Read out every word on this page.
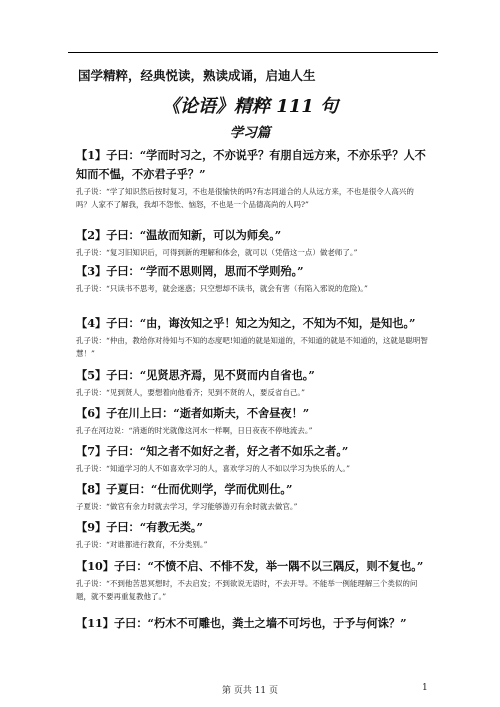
国学精粹，经典悦读，熟读成诵，启迪人生
《论语》精粹 111 句
学习篇

【1】子曰：“学而时习之，不亦说乎？有朋自远方来，不亦乐乎？人不知而不愠，不亦君子乎？”

孔子说：“学了知识然后按时复习，不也是很愉快的吗?有志同道合的人从远方来，不也是很令人高兴的吗？人家不了解我，我却不怨怅、恼怒，不也是一个品德高尚的人吗?”

【2】子曰：“温故而知新，可以为师矣。”

孔子说：“复习旧知识后，可得到新的理解和体会，就可以（凭借这一点）做老师了。”

【3】子曰：“学而不思则罔，思而不学则殆。”

孔子说：“只读书不思考，就会迷惑；只空想却不读书，就会有害（有陷入邪说的危险)。”

【4】子曰：“由，诲汝知之乎！知之为知之，不知为不知，是知也。”

孔子说：“仲由，教给你对待知与不知的态度吧!知道的就是知道的，不知道的就是不知道的，这就是聪明智慧！”

【5】子曰：“见贤思齐焉，见不贤而内自省也。”

孔子说：“见到贤人，要想着向他看齐；见到不贤的人，要反省自己。”

【6】子在川上曰：“逝者如斯夫，不舍昼夜！”

孔子在河边说：“消逝的时光就像这河水一样啊，日日夜夜不停地流去。”

【7】子曰：“知之者不如好之者，好之者不如乐之者。”

孔子说：“知道学习的人不如喜欢学习的人，喜欢学习的人不如以学习为快乐的人。”

【8】子夏曰：“仕而优则学，学而优则仕。”

子夏说：“做官有余力时就去学习，学习能够游刃有余时就去做官。”

【9】子曰：“有教无类。”

孔子说：“对谁都进行教育，不分类别。”

【10】子曰：“不愤不启、不悱不发，举一隅不以三隅反，则不复也。”

孔子说：“不到他苦思冥想时，不去启发；不到欲说无语时，不去开导。不能举一例能理解三个类似的问题，就不要再重复教他了。”

【11】子曰：“朽木不可雕也，粪土之墙不可圬也，于予与何诛？”

第 页共 11 页	1
